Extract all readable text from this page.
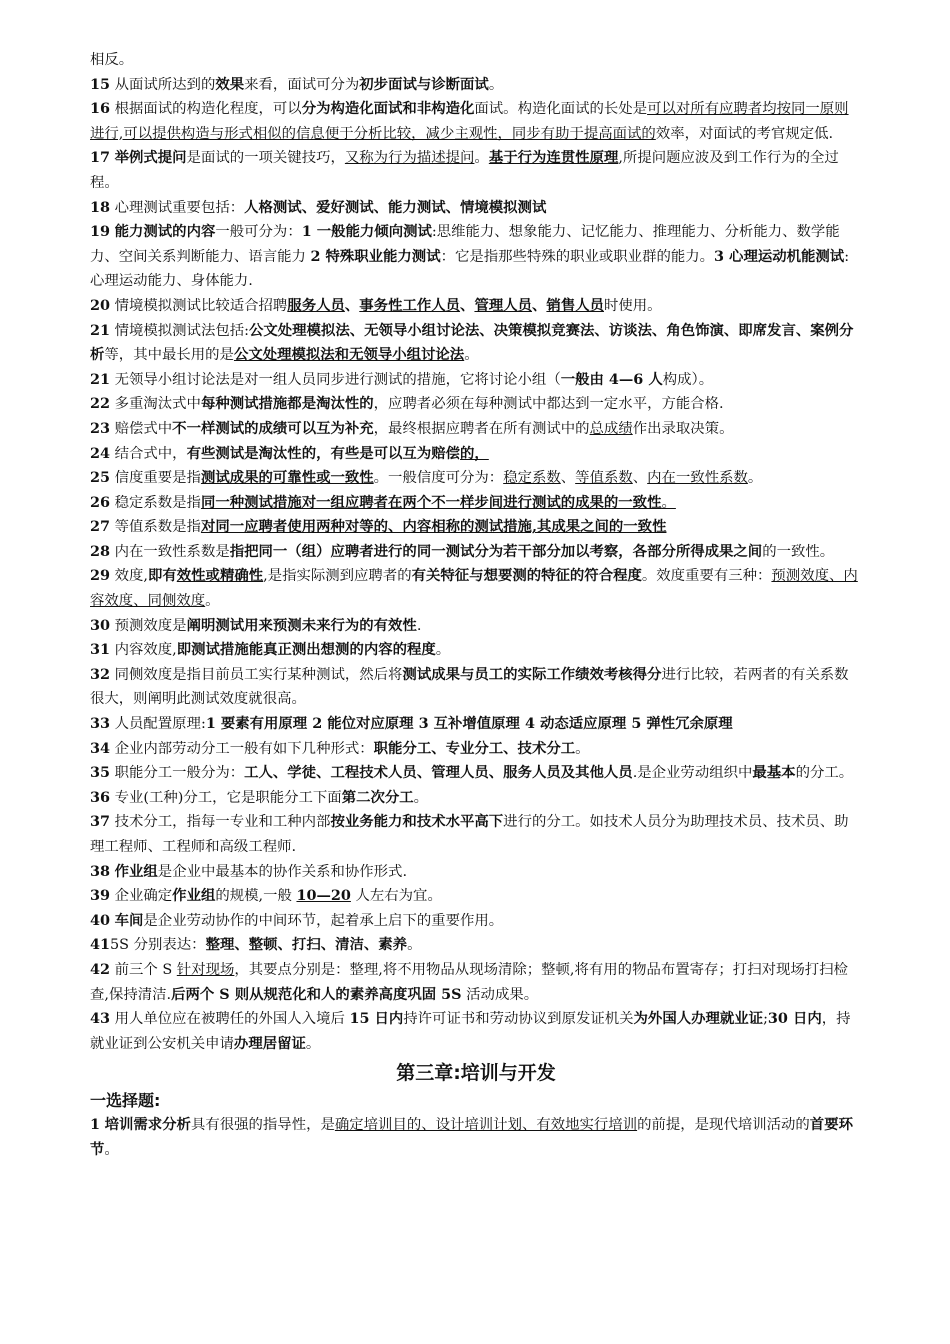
相反。

15 从面试所达到的效果来看，面试可分为初步面试与诊断面试。

16 根据面试的构造化程度，可以分为构造化面试和非构造化面试。构造化面试的长处是可以对所有应聘者均按同一原则进行,可以提供构造与形式相似的信息便于分析比较，减少主观性，同步有助于提高面试的效率，对面试的考官规定低.

17 举例式提问是面试的一项关键技巧，又称为行为描述提问。基于行为连贯性原理,所提问题应波及到工作行为的全过程。

18 心理测试重要包括：人格测试、爱好测试、能力测试、情境模拟测试

19 能力测试的内容一般可分为：1 一般能力倾向测试:思维能力、想象能力、记忆能力、推理能力、分析能力、数学能力、空间关系判断能力、语言能力 2 特殊职业能力测试：它是指那些特殊的职业或职业群的能力。3 心理运动机能测试:心理运动能力、身体能力.

20 情境模拟测试比较适合招聘服务人员、事务性工作人员、管理人员、销售人员时使用。

21 情境模拟测试法包括:公文处理模拟法、无领导小组讨论法、决策模拟竞赛法、访谈法、角色饰演、即席发言、案例分析等，其中最长用的是公文处理模拟法和无领导小组讨论法。

21 无领导小组讨论法是对一组人员同步进行测试的措施，它将讨论小组（一般由 4—6 人构成）。

22 多重淘汰式中每种测试措施都是淘汰性的，应聘者必须在每种测试中都达到一定水平，方能合格.

23 赔偿式中不一样测试的成绩可以互为补充，最终根据应聘者在所有测试中的总成绩作出录取决策。

24 结合式中，有些测试是淘汰性的，有些是可以互为赔偿的，

25 信度重要是指测试成果的可靠性或一致性。一般信度可分为：稳定系数、等值系数、内在一致性系数。

26 稳定系数是指同一种测试措施对一组应聘者在两个不一样步间进行测试的成果的一致性。

27 等值系数是指对同一应聘者使用两种对等的、内容相称的测试措施,其成果之间的一致性

28 内在一致性系数是指把同一（组）应聘者进行的同一测试分为若干部分加以考察，各部分所得成果之间的一致性。

29 效度,即有效性或精确性,是指实际测到应聘者的有关特征与想要测的特征的符合程度。效度重要有三种：预测效度、内容效度、同侧效度。

30 预测效度是阐明测试用来预测未来行为的有效性.

31 内容效度,即测试措施能真正测出想测的内容的程度。

32 同侧效度是指目前员工实行某种测试，然后将测试成果与员工的实际工作绩效考核得分进行比较，若两者的有关系数很大，则阐明此测试效度就很高。

33 人员配置原理:1 要素有用原理 2 能位对应原理 3 互补增值原理 4 动态适应原理 5 弹性冗余原理

34 企业内部劳动分工一般有如下几种形式：职能分工、专业分工、技术分工。

35 职能分工一般分为：工人、学徒、工程技术人员、管理人员、服务人员及其他人员.是企业劳动组织中最基本的分工。

36 专业(工种)分工，它是职能分工下面第二次分工。

37 技术分工，指每一专业和工种内部按业务能力和技术水平高下进行的分工。如技术人员分为助理技术员、技术员、助理工程师、工程师和高级工程师.

38 作业组是企业中最基本的协作关系和协作形式.

39 企业确定作业组的规模,一般 10—20 人左右为宜。

40 车间是企业劳动协作的中间环节，起着承上启下的重要作用。

415S 分别表达：整理、整顿、打扫、清洁、素养。

42 前三个 S 针对现场，其要点分别是：整理,将不用物品从现场清除；整顿,将有用的物品布置寄存；打扫对现场打扫检查,保持清洁.后两个 S 则从规范化和人的素养高度巩固 5S 活动成果。

43 用人单位应在被聘任的外国人入境后 15 日内持许可证书和劳动协议到原发证机关为外国人办理就业证;30 日内，持就业证到公安机关申请办理居留证。

第三章:培训与开发
一选择题:

1 培训需求分析具有很强的指导性，是确定培训目的、设计培训计划、有效地实行培训的前提，是现代培训活动的首要环节。
